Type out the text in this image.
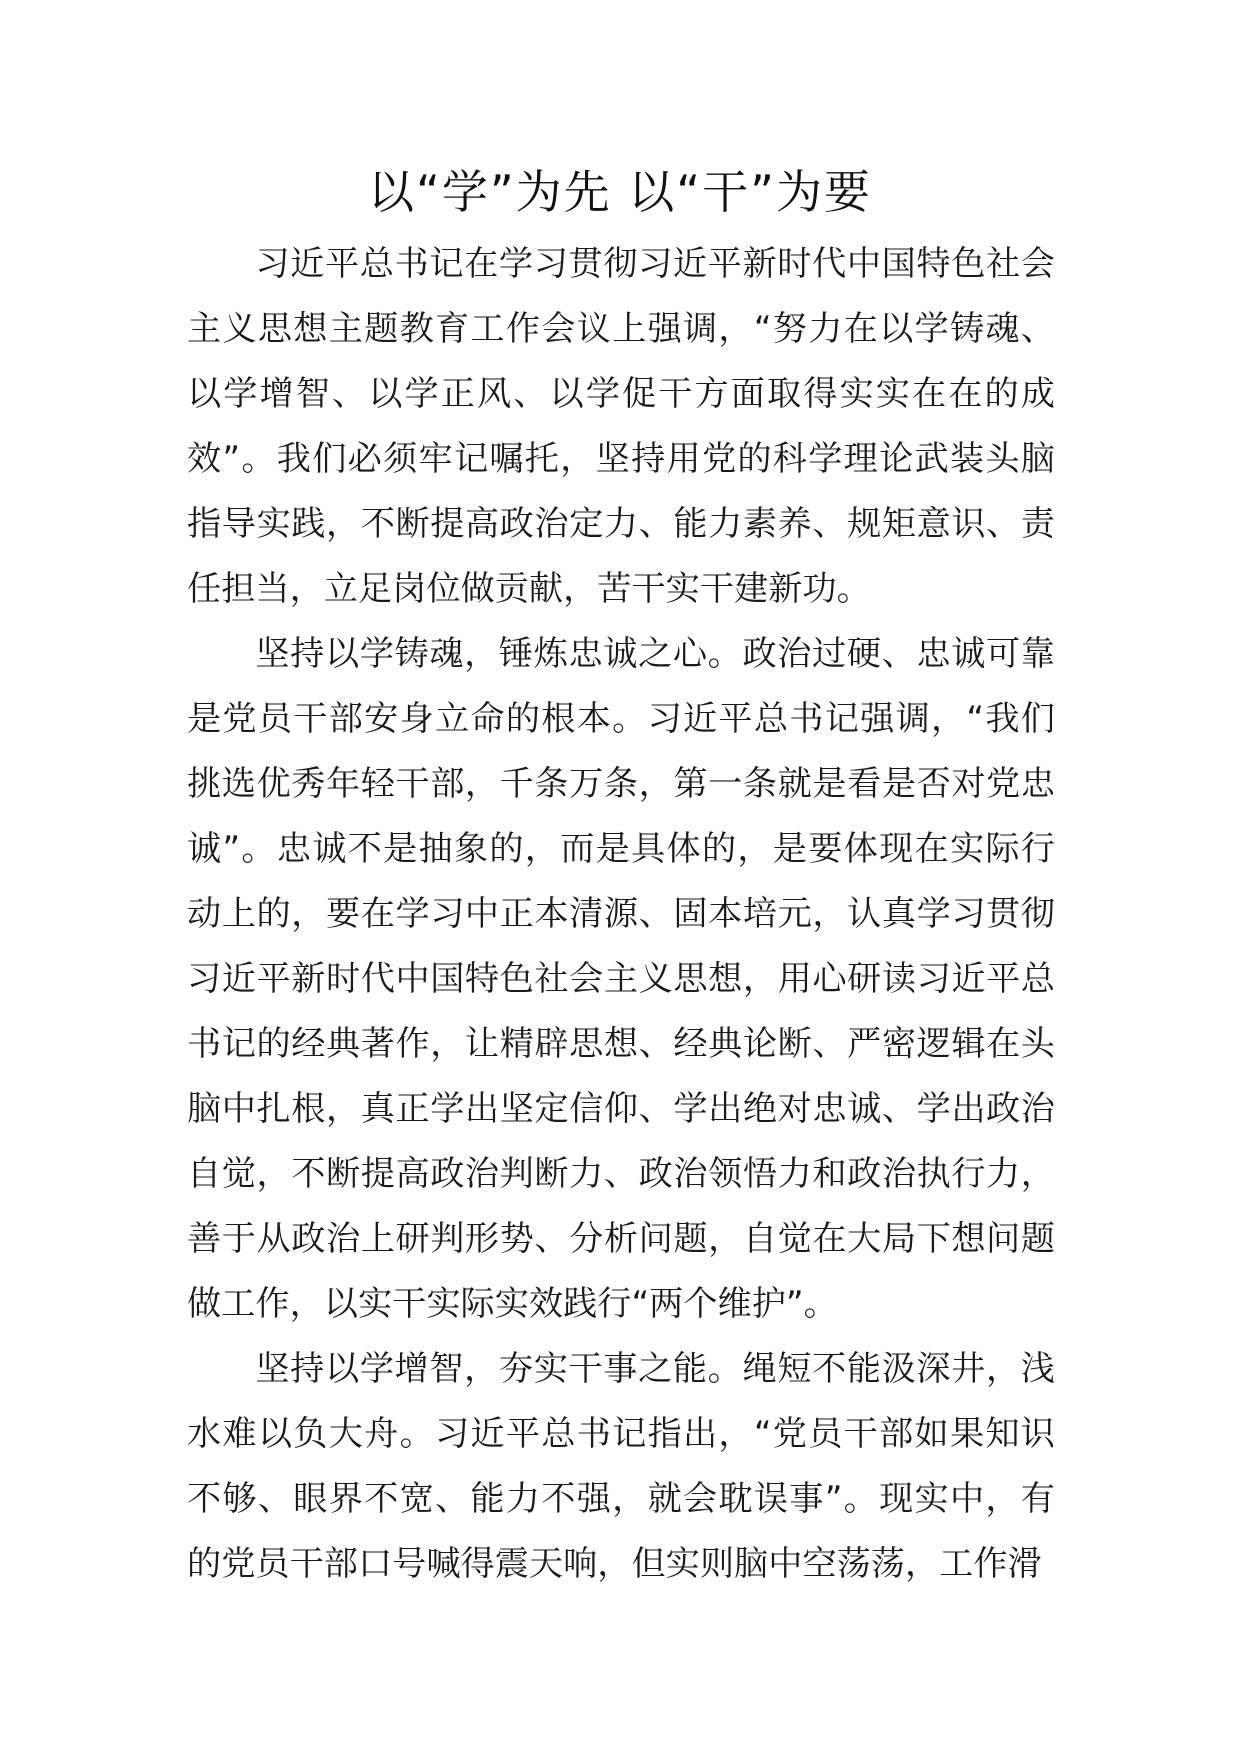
以“学”为先 以“干”为要

习近平总书记在学习贯彻习近平新时代中国特色社会主义思想主题教育工作会议上强调，“努力在以学铸魂、以学增智、以学正风、以学促干方面取得实实在在的成效”。我们必须牢记嘱托，坚持用党的科学理论武装头脑指导实践，不断提高政治定力、能力素养、规矩意识、责任担当，立足岗位做贡献，苦干实干建新功。

坚持以学铸魂，锤炼忠诚之心。政治过硬、忠诚可靠是党员干部安身立命的根本。习近平总书记强调，“我们挑选优秀年轻干部，千条万条，第一条就是看是否对党忠诚”。忠诚不是抽象的，而是具体的，是要体现在实际行动上的，要在学习中正本清源、固本培元，认真学习贯彻习近平新时代中国特色社会主义思想，用心研读习近平总书记的经典著作，让精辟思想、经典论断、严密逻辑在头脑中扎根，真正学出坚定信仰、学出绝对忠诚、学出政治自觉，不断提高政治判断力、政治领悟力和政治执行力，善于从政治上研判形势、分析问题，自觉在大局下想问题做工作，以实干实际实效践行“两个维护”。

坚持以学增智，夯实干事之能。绳短不能汲深井，浅水难以负大舟。习近平总书记指出，“党员干部如果知识不够、眼界不宽、能力不强，就会耽误事”。现实中，有的党员干部口号喊得震天响，但实则脑中空荡荡，工作滑
